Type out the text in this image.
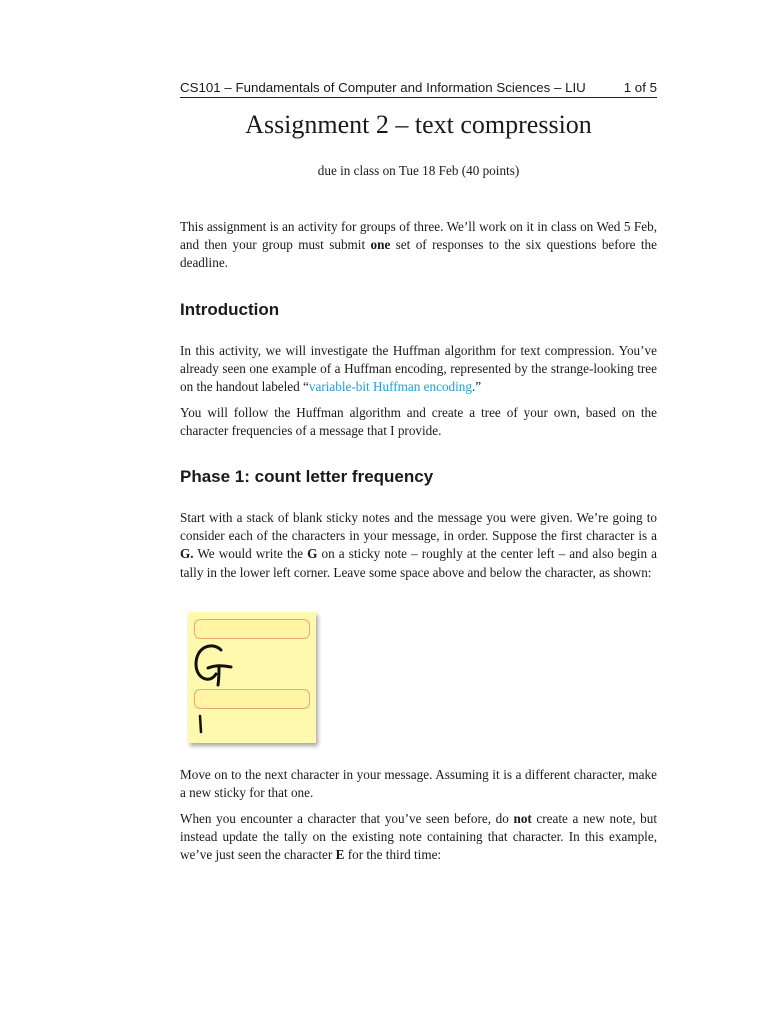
CS101 – Fundamentals of Computer and Information Sciences – LIU	1 of 5
Assignment 2 – text compression
due in class on Tue 18 Feb (40 points)

This assignment is an activity for groups of three. We’ll work on it in class on Wed 5 Feb, and then your group must submit one set of responses to the six questions before the deadline.

Introduction

In this activity, we will investigate the Huffman algorithm for text compression. You’ve already seen one example of a Huffman encoding, represented by the strange-looking tree on the handout labeled “variable-bit Huffman encoding.”

You will follow the Huffman algorithm and create a tree of your own, based on the character frequencies of a message that I provide.

Phase 1: count letter frequency

Start with a stack of blank sticky notes and the message you were given. We’re going to consider each of the characters in your message, in order. Suppose the first character is a G. We would write the G on a sticky note – roughly at the center left – and also begin a tally in the lower left corner. Leave some space above and below the character, as shown:

Move on to the next character in your message. Assuming it is a different character, make a new sticky for that one.

When you encounter a character that you’ve seen before, do not create a new note, but instead update the tally on the existing note containing that character. In this example, we’ve just seen the character E for the third time:
